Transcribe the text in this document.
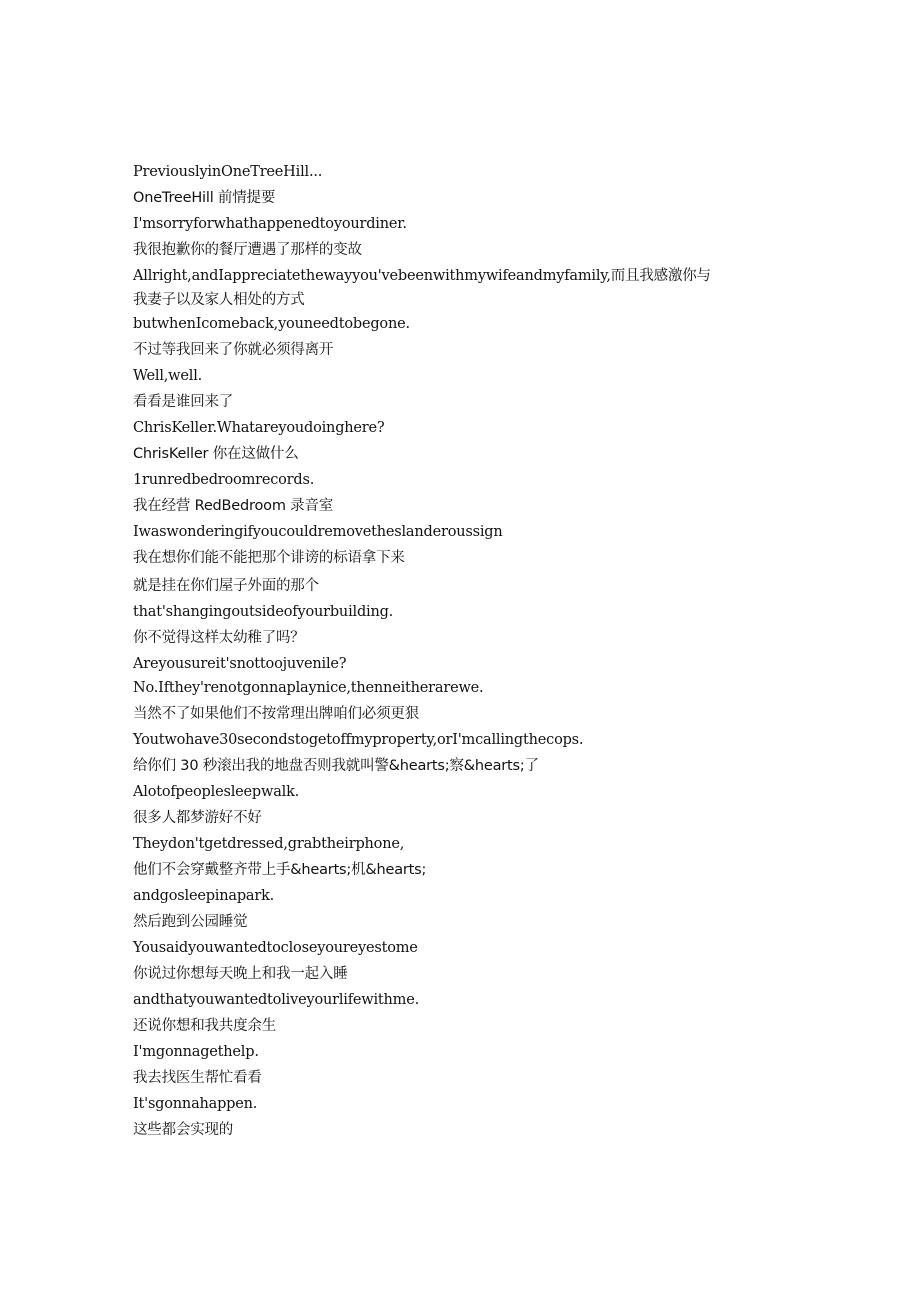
PreviouslyinOneTreeHill...
OneTreeHill 前情提要
I'msorryforwhathappenedtoyourdiner.
我很抱歉你的餐厅遭遇了那样的变故
Allright,andIappreciatethewayyou'vebeenwithmywifeandmyfamily,而且我感激你与我妻子以及家人相处的方式
butwhenIcomeback,youneedtobegone.
不过等我回来了你就必须得离开
Well,well.
看看是谁回来了
ChrisKeller.Whatareyoudoinghere?
ChrisKeller 你在这做什么
1runredbedroomrecords.
我在经营 RedBedroom 录音室
Iwaswonderingifyoucouldremovetheslanderoussign
我在想你们能不能把那个诽谤的标语拿下来
就是挂在你们屋子外面的那个
that'shangingoutsideofyourbuilding.
你不觉得这样太幼稚了吗？
Areyousureit'snottoojuvenile?
No.Ifthey'renotgonnaplaynice,thenneitherarewe.
当然不了如果他们不按常理出牌咱们必须更狠
Youtwohave30secondstogetoffmyproperty,orI'mcallingthecops.
给你们 30 秒滚出我的地盘否则我就叫警&hearts;察&hearts;了
Alotofpeoplesleepwalk.
很多人都梦游好不好
Theydon'tgetdressed,grabtheirphone,
他们不会穿戴整齐带上手&hearts;机&hearts;
andgosleepinapark.
然后跑到公园睡觉
Yousaidyouwantedtocloseyoureyestome
你说过你想每天晚上和我一起入睡
andthatyouwantedtoliveyourlifewithme.
还说你想和我共度余生
I'mgonnagethelp.
我去找医生帮忙看看
It'sgonnahappen.
这些都会实现的
